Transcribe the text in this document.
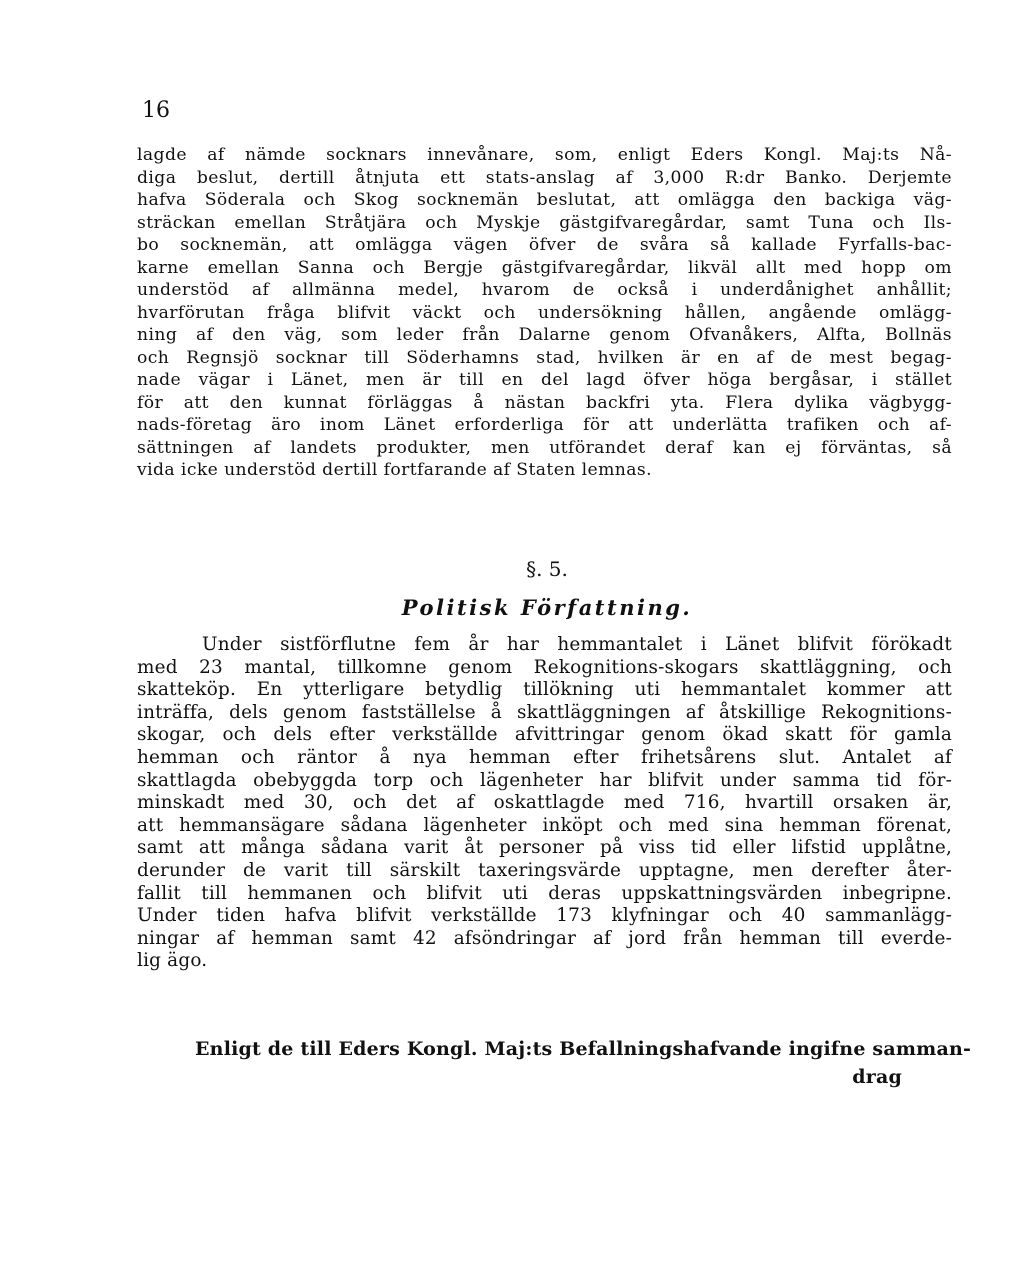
16

lagde af nämde socknars innevånare, som, enligt Eders Kongl. Maj:ts Nå-
diga beslut, dertill åtnjuta ett stats-anslag af 3,000 R:dr Banko. Derjemte
hafva Söderala och Skog socknemän beslutat, att omlägga den backiga väg-
sträckan emellan Stråtjära och Myskje gästgifvaregårdar, samt Tuna och Ils-
bo socknemän, att omlägga vägen öfver de svåra så kallade Fyrfalls-bac-
karne emellan Sanna och Bergje gästgifvaregårdar, likväl allt med hopp om
understöd af allmänna medel, hvarom de också i underdånighet anhållit;
hvarförutan fråga blifvit väckt och undersökning hållen, angående omlägg-
ning af den väg, som leder från Dalarne genom Ofvanåkers, Alfta, Bollnäs
och Regnsjö socknar till Söderhamns stad, hvilken är en af de mest begag-
nade vägar i Länet, men är till en del lagd öfver höga bergåsar, i stället
för att den kunnat förläggas å nästan backfri yta. Flera dylika vägbygg-
nads-företag äro inom Länet erforderliga för att underlätta trafiken och af-
sättningen af landets produkter, men utförandet deraf kan ej förväntas, så
vida icke understöd dertill fortfarande af Staten lemnas.

§. 5.

Politisk Författning.
Under sistförflutne fem år har hemmantalet i Länet blifvit förökadt
med 23 mantal, tillkomne genom Rekognitions-skogars skattläggning, och
skatteköp. En ytterligare betydlig tillökning uti hemmantalet kommer att
inträffa, dels genom fastställelse å skattläggningen af åtskillige Rekognitions-
skogar, och dels efter verkställde afvittringar genom ökad skatt för gamla
hemman och räntor å nya hemman efter frihetsårens slut. Antalet af
skattlagda obebyggda torp och lägenheter har blifvit under samma tid för-
minskadt med 30, och det af oskattlagde med 716, hvartill orsaken är,
att hemmansägare sådana lägenheter inköpt och med sina hemman förenat,
samt att många sådana varit åt personer på viss tid eller lifstid upplåtne,
derunder de varit till särskilt taxeringsvärde upptagne, men derefter åter-
fallit till hemmanen och blifvit uti deras uppskattningsvärden inbegripne.
Under tiden hafva blifvit verkställde 173 klyfningar och 40 sammanlägg-
ningar af hemman samt 42 afsöndringar af jord från hemman till everde-
lig ägo.
Enligt de till Eders Kongl. Maj:ts Befallningshafvande ingifne samman-
drag
